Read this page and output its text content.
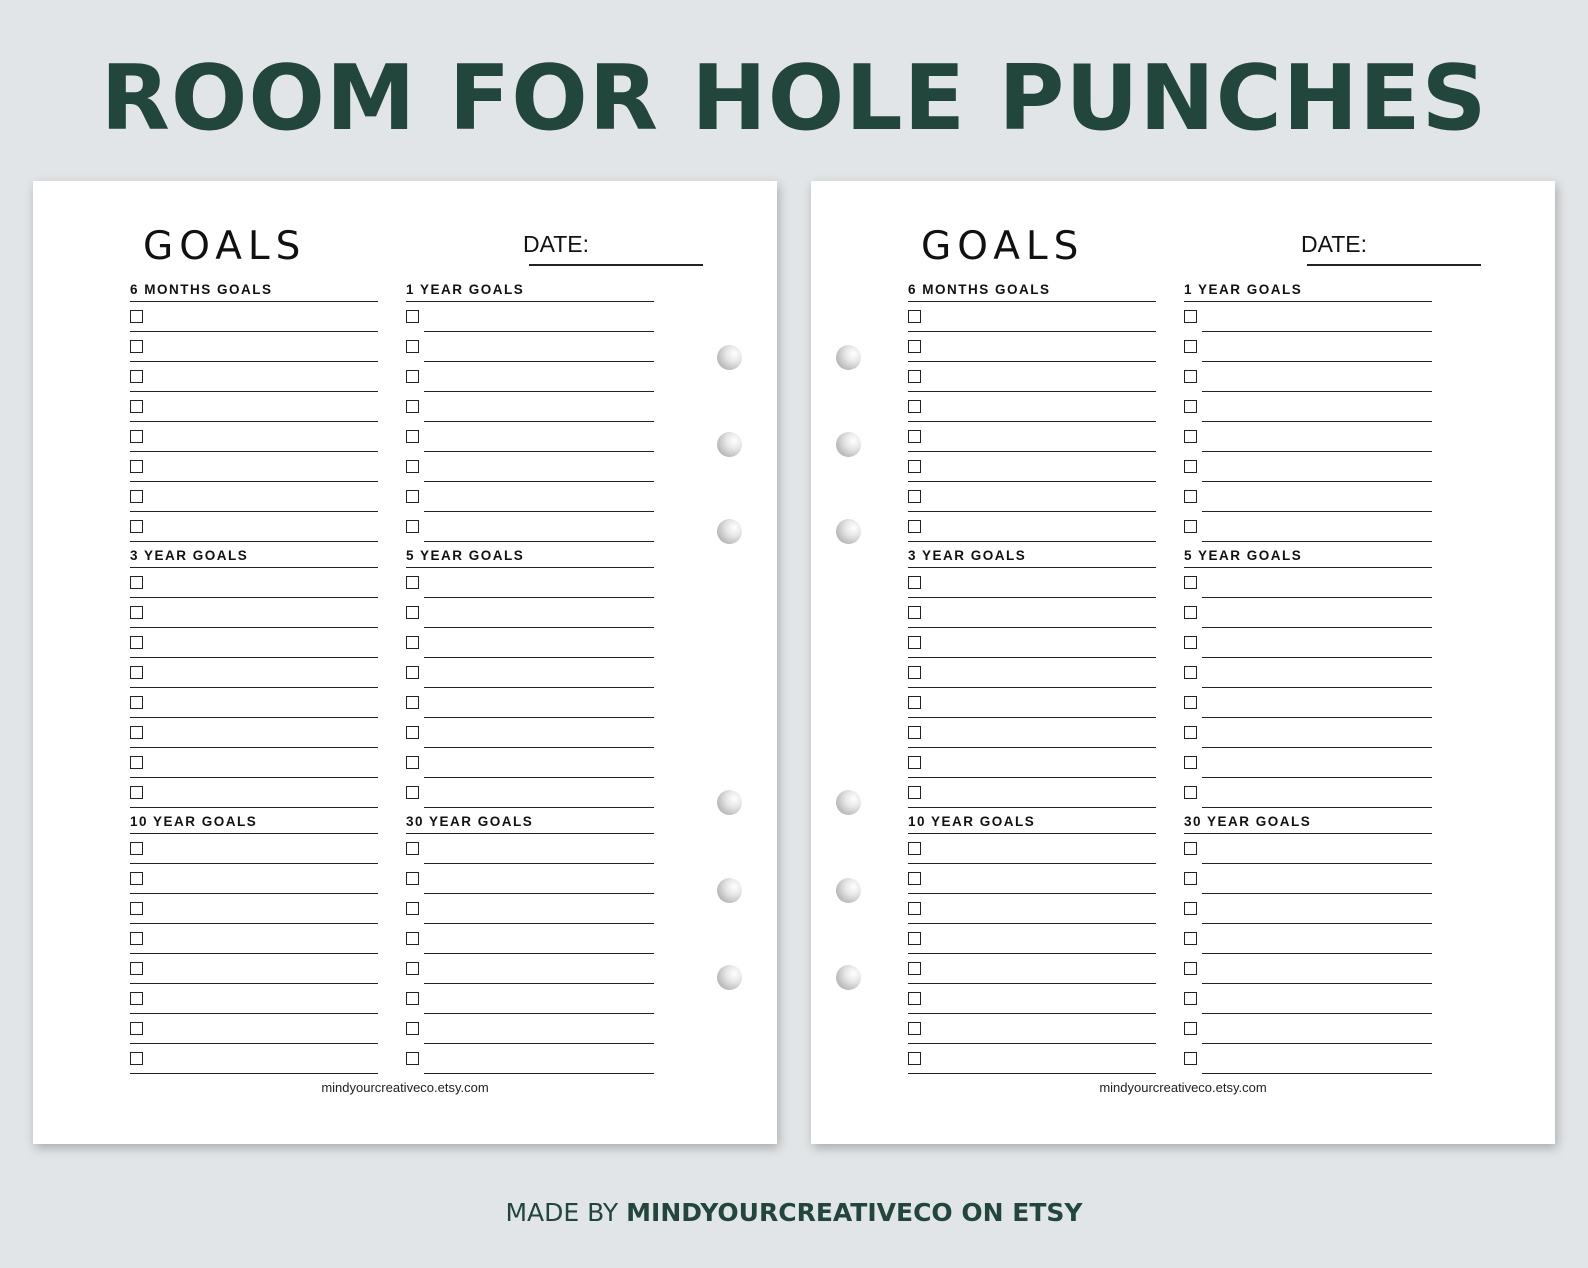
ROOM FOR HOLE PUNCHES
GOALS	DATE:
6 MONTHS GOALS	1 YEAR GOALS
3 YEAR GOALS	5 YEAR GOALS
10 YEAR GOALS	30 YEAR GOALS
mindyourcreativeco.etsy.com
GOALS	DATE:
6 MONTHS GOALS	1 YEAR GOALS
3 YEAR GOALS	5 YEAR GOALS
10 YEAR GOALS	30 YEAR GOALS
mindyourcreativeco.etsy.com
MADE BY MINDYOURCREATIVECO ON ETSY
